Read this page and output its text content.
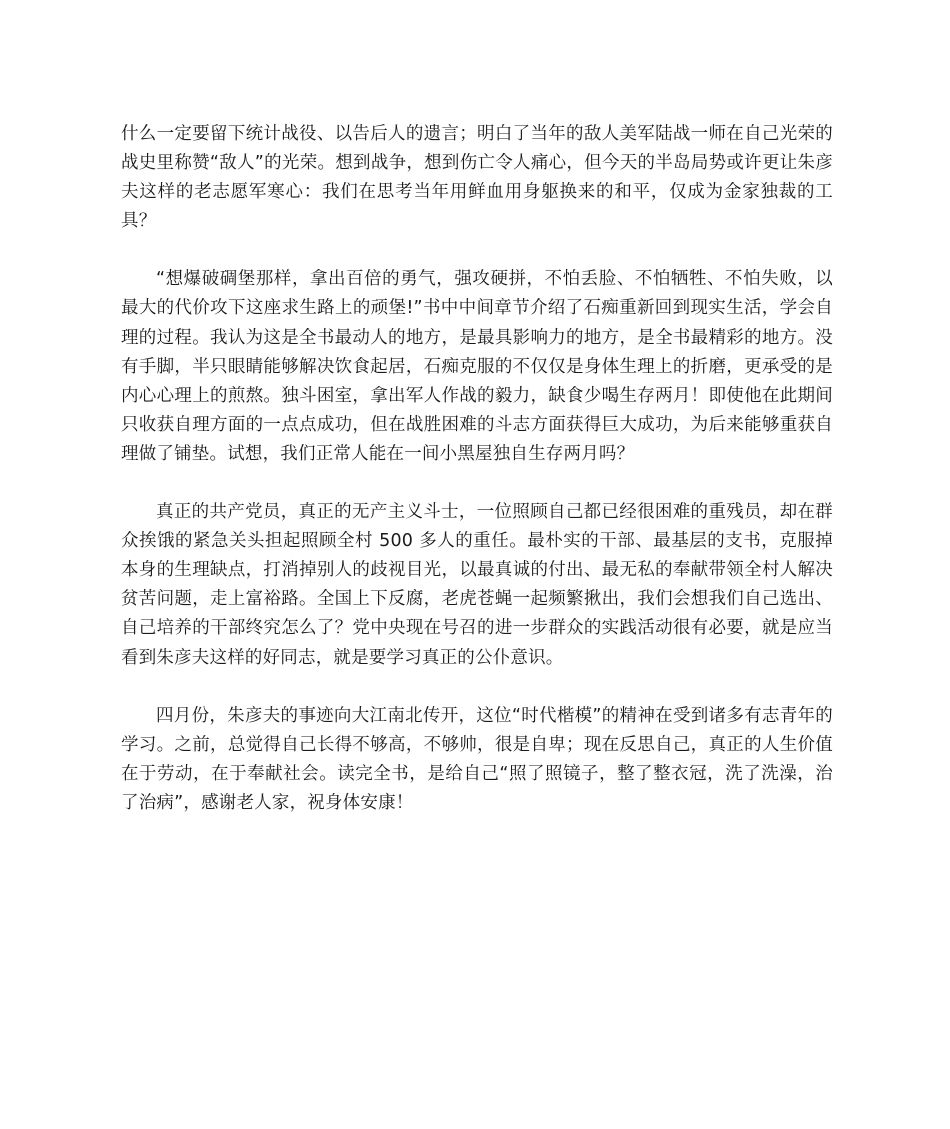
什么一定要留下统计战役、以告后人的遗言；明白了当年的敌人美军陆战一师在自己光荣的战史里称赞“敌人”的光荣。想到战争，想到伤亡令人痛心，但今天的半岛局势或许更让朱彦夫这样的老志愿军寒心：我们在思考当年用鲜血用身躯换来的和平，仅成为金家独裁的工具？

“想爆破碉堡那样，拿出百倍的勇气，强攻硬拼，不怕丢脸、不怕牺牲、不怕失败，以最大的代价攻下这座求生路上的顽堡!”书中中间章节介绍了石痴重新回到现实生活，学会自理的过程。我认为这是全书最动人的地方，是最具影响力的地方，是全书最精彩的地方。没有手脚，半只眼睛能够解决饮食起居，石痴克服的不仅仅是身体生理上的折磨，更承受的是内心心理上的煎熬。独斗困室，拿出军人作战的毅力，缺食少喝生存两月！即使他在此期间只收获自理方面的一点点成功，但在战胜困难的斗志方面获得巨大成功，为后来能够重获自理做了铺垫。试想，我们正常人能在一间小黑屋独自生存两月吗？

真正的共产党员，真正的无产主义斗士，一位照顾自己都已经很困难的重残员，却在群众挨饿的紧急关头担起照顾全村 500 多人的重任。最朴实的干部、最基层的支书，克服掉本身的生理缺点，打消掉别人的歧视目光，以最真诚的付出、最无私的奉献带领全村人解决贫苦问题，走上富裕路。全国上下反腐，老虎苍蝇一起频繁揪出，我们会想我们自己选出、自己培养的干部终究怎么了？党中央现在号召的进一步群众的实践活动很有必要，就是应当看到朱彦夫这样的好同志，就是要学习真正的公仆意识。

四月份，朱彦夫的事迹向大江南北传开，这位“时代楷模”的精神在受到诸多有志青年的学习。之前，总觉得自己长得不够高，不够帅，很是自卑；现在反思自己，真正的人生价值在于劳动，在于奉献社会。读完全书，是给自己“照了照镜子，整了整衣冠，洗了洗澡，治了治病”，感谢老人家，祝身体安康！
